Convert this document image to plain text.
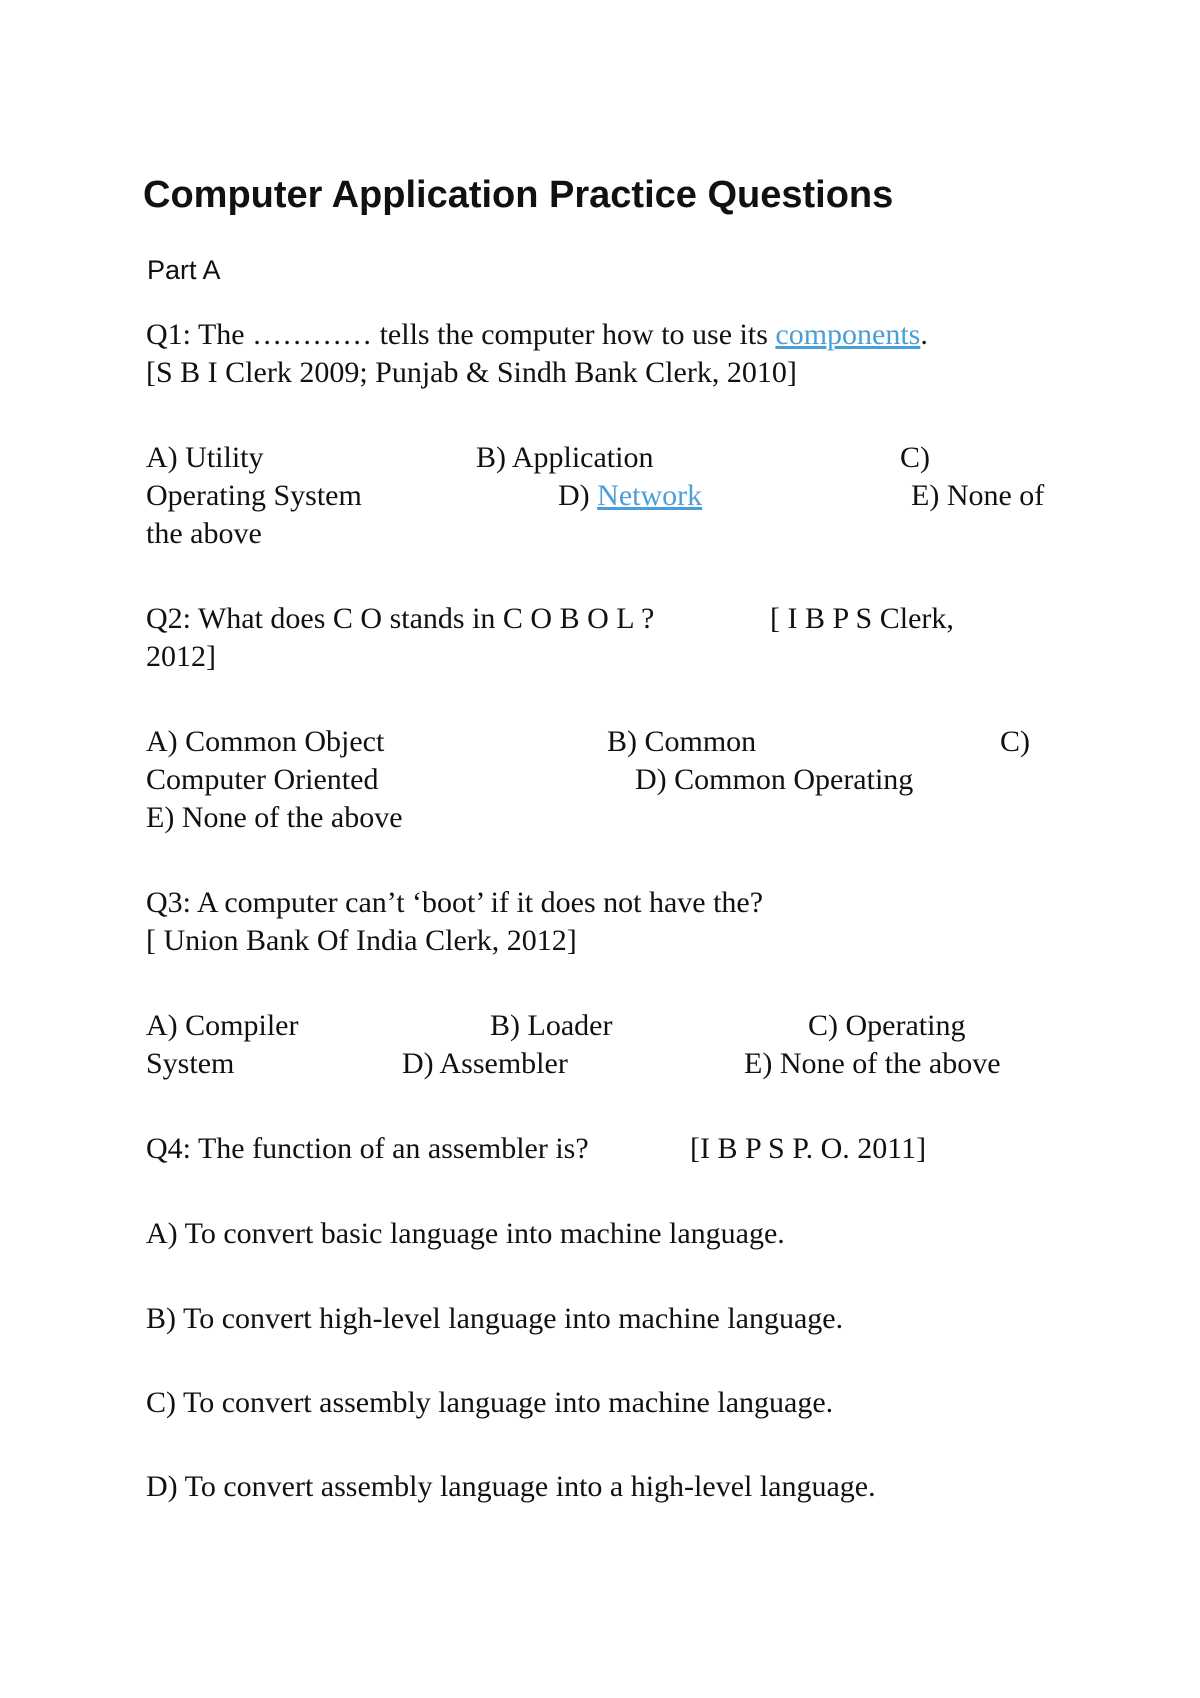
Computer Application Practice Questions
Part A
Q1: The ………… tells the computer how to use its components.
[S B I Clerk 2009; Punjab & Sindh Bank Clerk, 2010]
A) Utility	B) Application	C)
Operating System	D) Network	E) None of
the above
Q2: What does C O stands in C O B O L ?	[ I B P S Clerk,
2012]
A) Common Object	B) Common	C)
Computer Oriented	D) Common Operating
E) None of the above
Q3: A computer can’t ‘boot’ if it does not have the?
[ Union Bank Of India Clerk, 2012]
A) Compiler	B) Loader	C) Operating
System	D) Assembler	E) None of the above
Q4: The function of an assembler is?	[I B P S P. O. 2011]
A) To convert basic language into machine language.
B) To convert high-level language into machine language.
C) To convert assembly language into machine language.
D) To convert assembly language into a high-level language.
